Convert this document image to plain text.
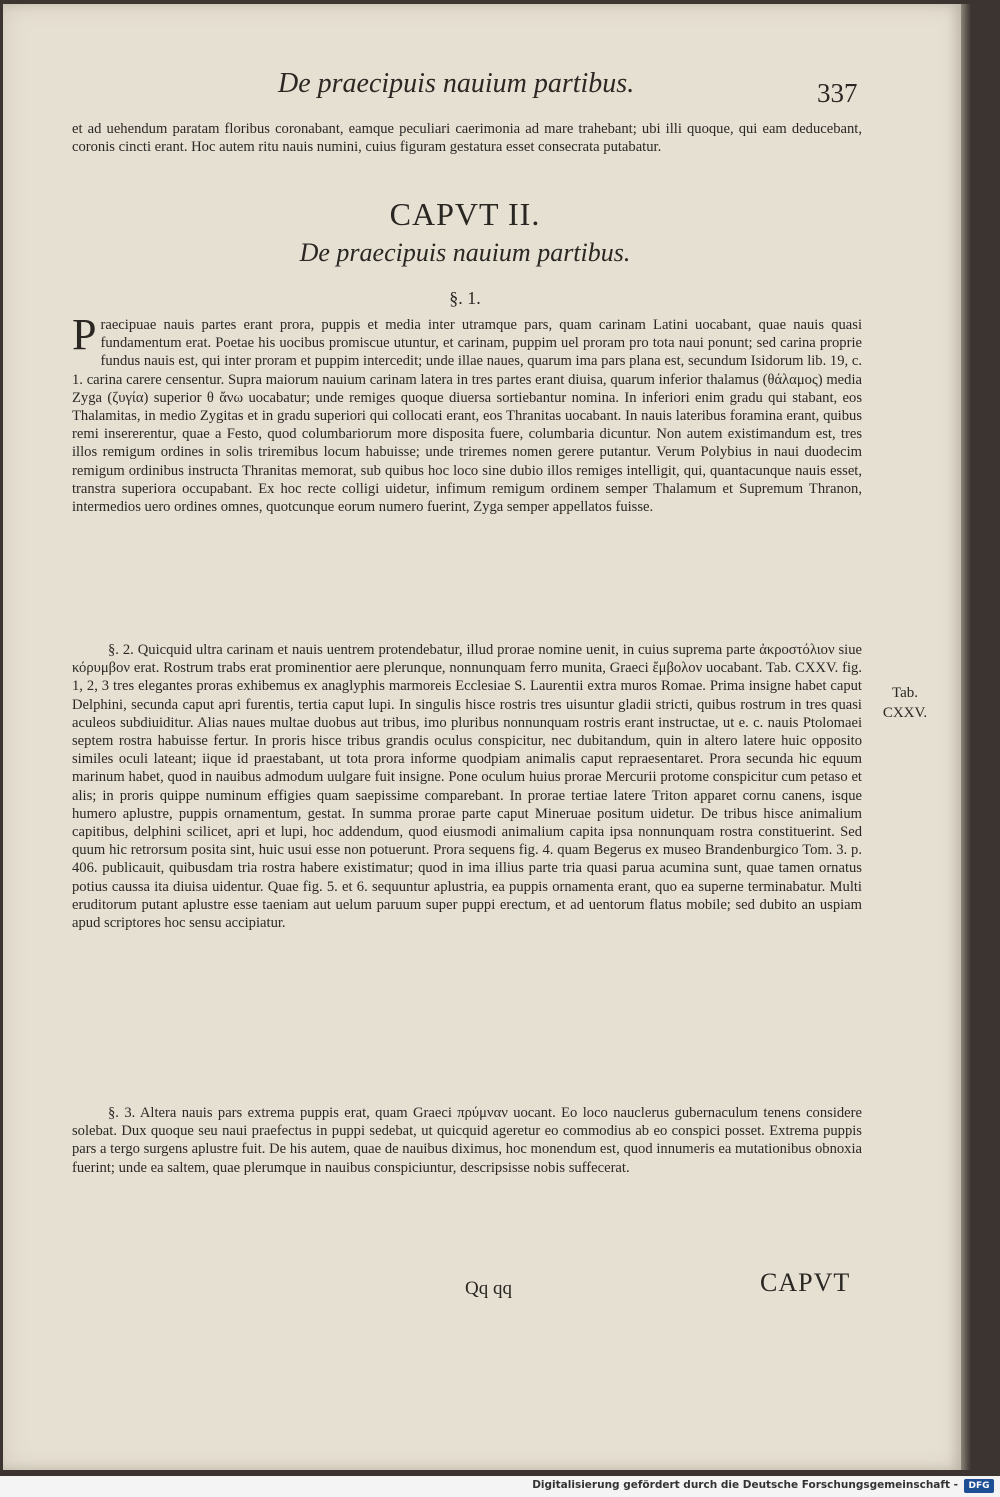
De praecipuis nauium partibus.	337

et ad uehendum paratam floribus coronabant, eamque peculiari caerimonia ad mare trahebant; ubi illi quoque, qui eam deducebant, coronis cincti erant. Hoc autem ritu nauis numini, cuius figuram gestatura esset consecrata putabatur.

CAPVT II.
De praecipuis nauium partibus.
§. 1.
P raecipuae nauis partes erant prora, puppis et media inter utramque pars, quam carinam Latini uocabant, quae nauis quasi fundamentum erat. Poetae his uocibus promiscue utuntur, et carinam, puppim uel proram pro tota naui ponunt; sed carina proprie fundus nauis est, qui inter proram et puppim intercedit; unde illae naues, quarum ima pars plana est, secundum Isidorum lib. 19, c. 1. carina carere censentur. Supra maiorum nauium carinam latera in tres partes erant diuisa, quarum inferior thalamus (θάλαμος) media Zyga (ζυγία) superior θ ἄνω uocabatur; unde remiges quoque diuersa sortiebantur nomina. In inferiori enim gradu qui stabant, eos Thalamitas, in medio Zygitas et in gradu superiori qui collocati erant, eos Thranitas uocabant. In nauis lateribus foramina erant, quibus remi insererentur, quae a Festo, quod columbariorum more disposita fuere, columbaria dicuntur. Non autem existimandum est, tres illos remigum ordines in solis triremibus locum habuisse; unde triremes nomen gerere putantur. Verum Polybius in naui duodecim remigum ordinibus instructa Thranitas memorat, sub quibus hoc loco sine dubio illos remiges intelligit, qui, quantacunque nauis esset, transtra superiora occupabant. Ex hoc recte colligi uidetur, infimum remigum ordinem semper Thalamum et Supremum Thranon, intermedios uero ordines omnes, quotcunque eorum numero fuerint, Zyga semper appellatos fuisse.

§. 2. Quicquid ultra carinam et nauis uentrem protendebatur, illud prorae nomine uenit, in cuius suprema parte ἀκροστόλιον siue κόρυμβον erat. Rostrum trabs erat prominentior aere plerunque, nonnunquam ferro munita, Graeci ἔμβολον uocabant. Tab. CXXV. fig. 1, 2, 3 tres elegantes proras exhibemus ex anaglyphis marmoreis Ecclesiae S. Laurentii extra muros Romae. Prima insigne habet caput Delphini, secunda caput apri furentis, tertia caput lupi. In singulis hisce rostris tres uisuntur gladii stricti, quibus rostrum in tres quasi aculeos subdiuiditur. Alias naues multae duobus aut tribus, imo pluribus nonnunquam rostris erant instructae, ut e. c. nauis Ptolomaei septem rostra habuisse fertur. In proris hisce tribus grandis oculus conspicitur, nec dubitandum, quin in altero latere huic opposito similes oculi lateant; iique id praestabant, ut tota prora informe quodpiam animalis caput repraesentaret. Prora secunda hic equum marinum habet, quod in nauibus admodum uulgare fuit insigne. Pone oculum huius prorae Mercurii protome conspicitur cum petaso et alis; in proris quippe numinum effigies quam saepissime comparebant. In prorae tertiae latere Triton apparet cornu canens, isque humero aplustre, puppis ornamentum, gestat. In summa prorae parte caput Mineruae positum uidetur. De tribus hisce animalium capitibus, delphini scilicet, apri et lupi, hoc addendum, quod eiusmodi animalium capita ipsa nonnunquam rostra constituerint. Sed quum hic retrorsum posita sint, huic usui esse non potuerunt. Prora sequens fig. 4. quam Begerus ex museo Brandenburgico Tom. 3. p. 406. publicauit, quibusdam tria rostra habere existimatur; quod in ima illius parte tria quasi parua acumina sunt, quae tamen ornatus potius caussa ita diuisa uidentur. Quae fig. 5. et 6. sequuntur aplustria, ea puppis ornamenta erant, quo ea superne terminabatur. Multi eruditorum putant aplustre esse taeniam aut uelum paruum super puppi erectum, et ad uentorum flatus mobile; sed dubito an uspiam apud scriptores hoc sensu accipiatur.

Tab.
CXXV.

§. 3. Altera nauis pars extrema puppis erat, quam Graeci πρύμναν uocant. Eo loco nauclerus gubernaculum tenens considere solebat. Dux quoque seu naui praefectus in puppi sedebat, ut quicquid ageretur eo commodius ab eo conspici posset. Extrema puppis pars a tergo surgens aplustre fuit. De his autem, quae de nauibus diximus, hoc monendum est, quod innumeris ea mutationibus obnoxia fuerint; unde ea saltem, quae plerumque in nauibus conspiciuntur, descripsisse nobis suffecerat.

Qq qq	CAPVT
Digitalisierung gefördert durch die Deutsche Forschungsgemeinschaft -	DFG
